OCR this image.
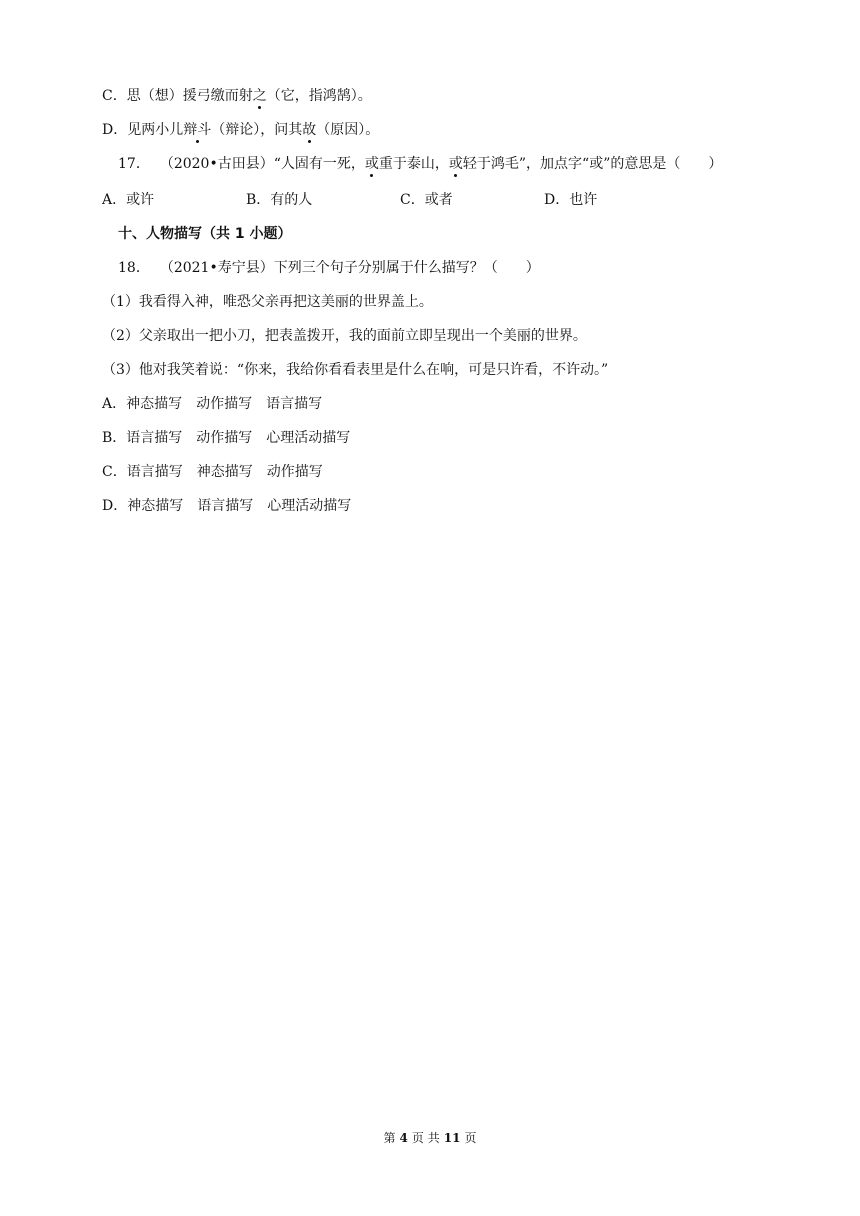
C．思（想）援弓缴而射之（它，指鸿鹄）。
D．见两小儿辩斗（辩论），问其故（原因）。
17． （2020•古田县）“人固有一死，或重于泰山，或轻于鸿毛”，加点字“或”的意思是（　　）
A．或许	B．有的人	C．或者	D．也许
十、人物描写（共 1 小题）
18． （2021•寿宁县）下列三个句子分别属于什么描写？（　　）
（1）我看得入神，唯恐父亲再把这美丽的世界盖上。
（2）父亲取出一把小刀，把表盖拨开，我的面前立即呈现出一个美丽的世界。
（3）他对我笑着说：“你来，我给你看看表里是什么在响，可是只许看，不许动。”
A．神态描写　动作描写　语言描写
B．语言描写　动作描写　心理活动描写
C．语言描写　神态描写　动作描写
D．神态描写　语言描写　心理活动描写
第 4 页 共 11 页
